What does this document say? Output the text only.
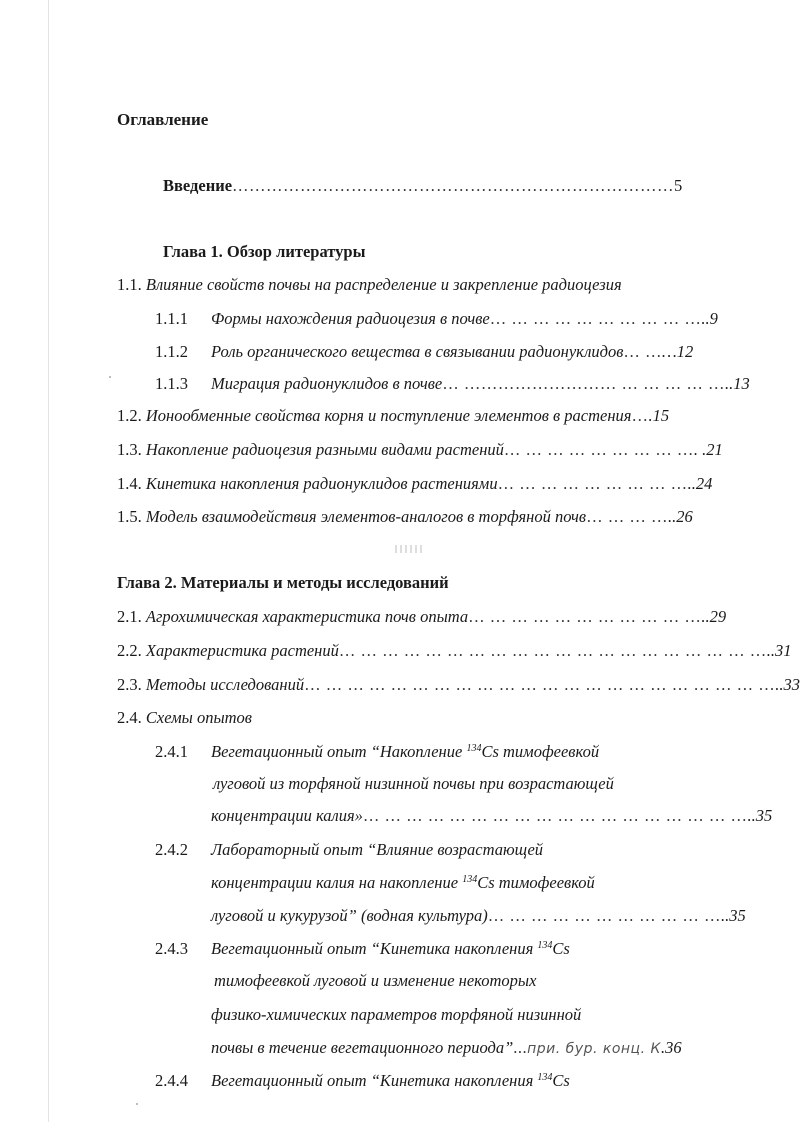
Оглавление
Введение……………………………………………………………………5
Глава 1. Обзор литературы
1.1. Влияние свойств почвы на распределение и закрепление радиоцезия
1.1.1 Формы нахождения радиоцезия в почве… … … … … … … … … …..9
1.1.2 Роль органического вещества в связывании радионуклидов… ……12
1.1.3 Миграция радионуклидов в почве… ……………………… … … … … …..13
1.2. Ионообменные свойства корня и поступление элементов в растения….15
1.3. Накопление радиоцезия разными видами растений… … … … … … … … …. .21
1.4. Кинетика накопления радионуклидов растениями… … … … … … … … …..24
1.5. Модель взаимодействия элементов-аналогов в торфяной почв… … … …..26
Глава 2. Материалы и методы исследований
2.1. Агрохимическая характеристика почв опыта… … … … … … … … … … …..29
2.2. Характеристика растений… … … … … … … … … … … … … … … … … … … …..31
2.3. Методы исследований… … … … … … … … … … … … … … … … … … … … … …..33
2.4. Схемы опытов
2.4.1 Вегетационный опыт “Накопление $^{134}$Cs тимофеевкой
луговой из торфяной низинной почвы при возрастающей
концентрации калия»… … … … … … … … … … … … … … … … … …..35
2.4.2 Лабораторный опыт “Влияние возрастающей
концентрации калия на накопление $^{134}$Cs тимофеевкой
луговой и кукурузой” (водная культура)… … … … … … … … … … …..35
2.4.3 Вегетационный опыт “Кинетика накопления $^{134}$Cs
тимофеевкой луговой и изменение некоторых
физико-химических параметров торфяной низинной
почвы в течение вегетационного периода”...при. бур. конц. К.36
2.4.4 Вегетационный опыт “Кинетика накопления $^{134}$Cs
